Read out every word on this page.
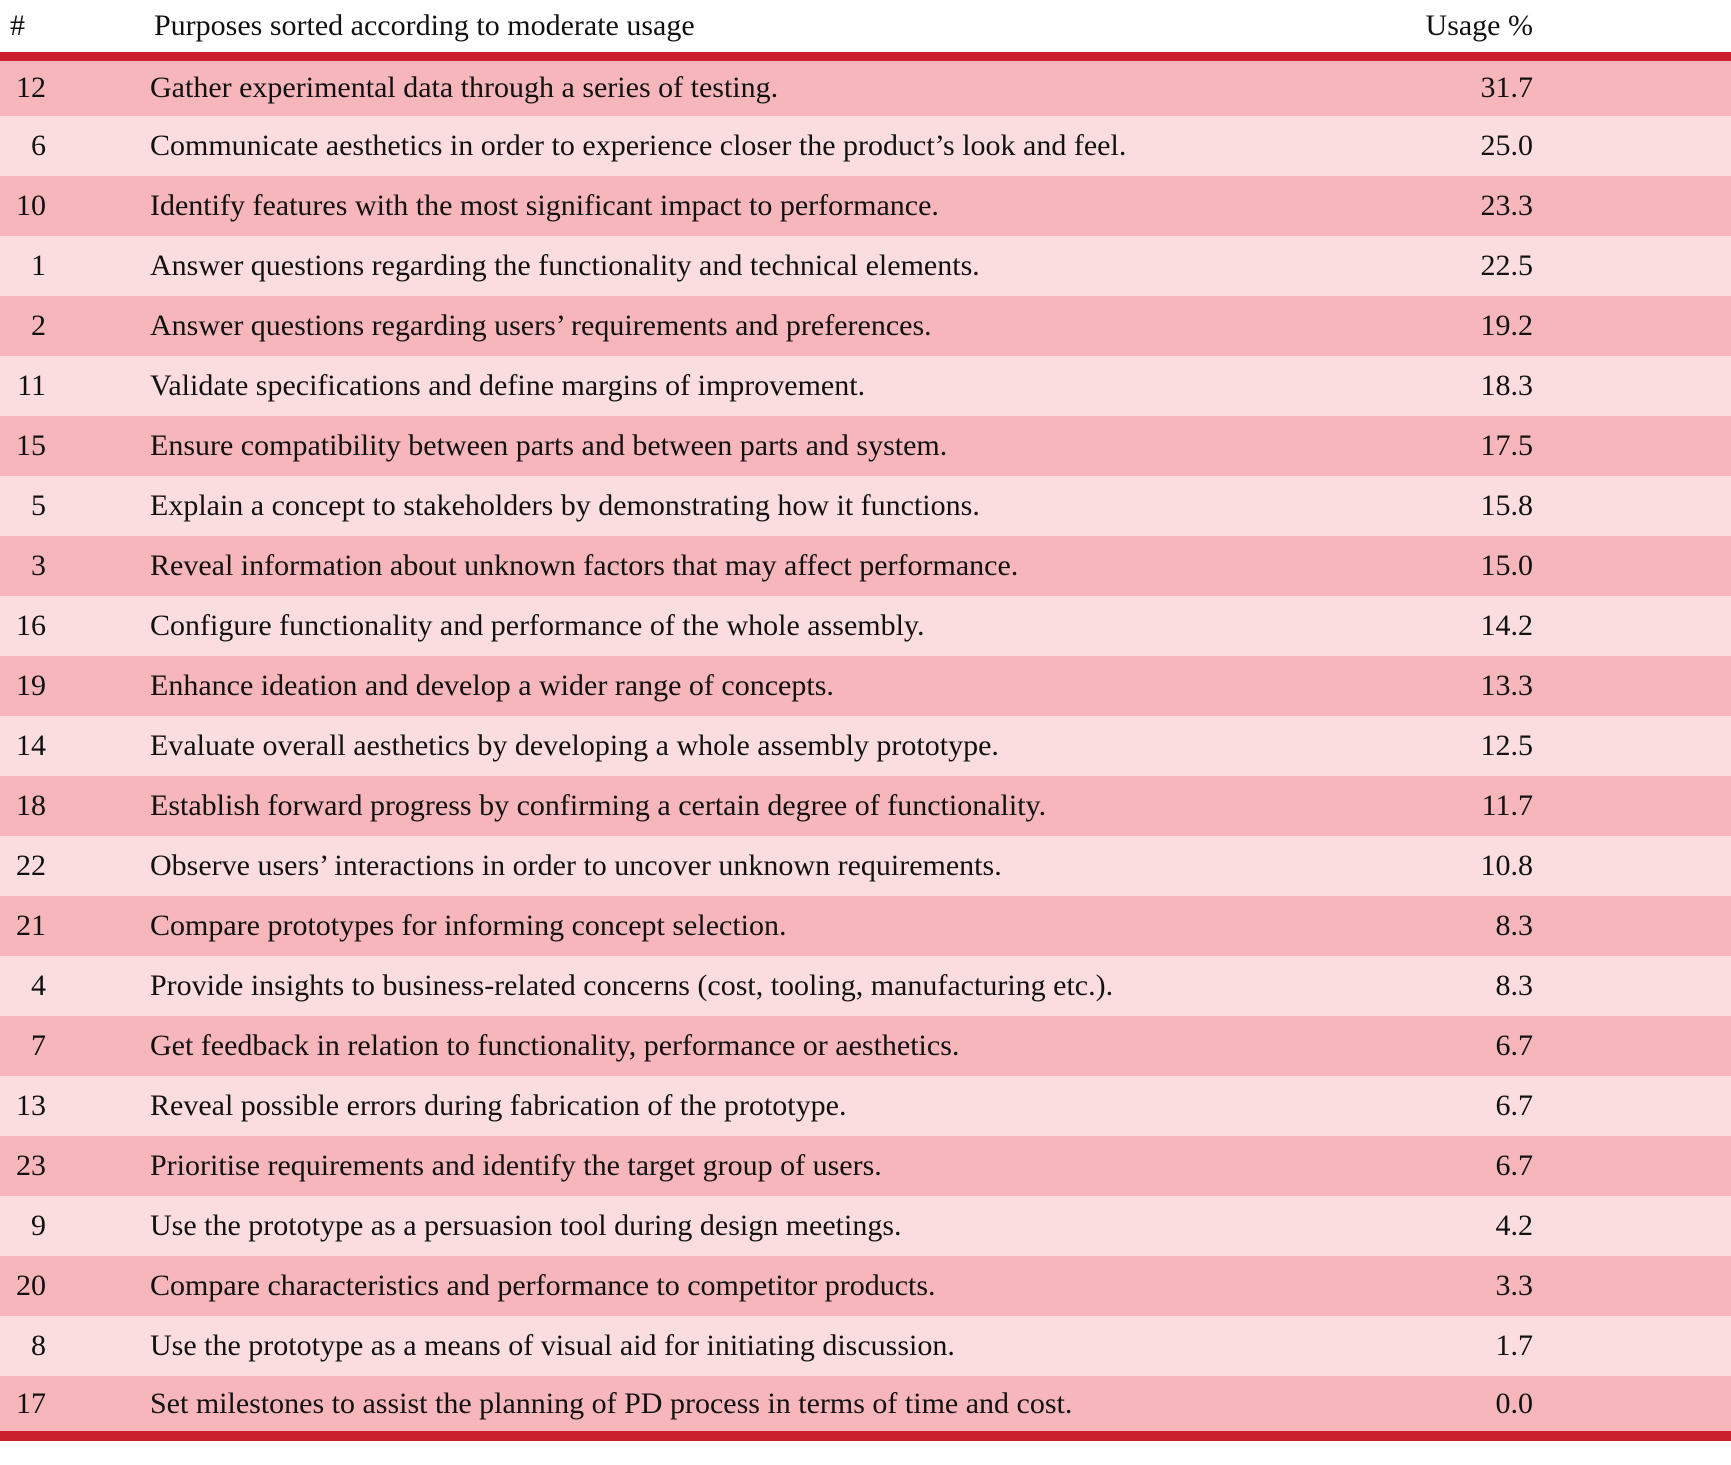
#	Purposes sorted according to moderate usage	Usage %
12	Gather experimental data through a series of testing.	31.7
6	Communicate aesthetics in order to experience closer the product’s look and feel.	25.0
10	Identify features with the most significant impact to performance.	23.3
1	Answer questions regarding the functionality and technical elements.	22.5
2	Answer questions regarding users’ requirements and preferences.	19.2
11	Validate specifications and define margins of improvement.	18.3
15	Ensure compatibility between parts and between parts and system.	17.5
5	Explain a concept to stakeholders by demonstrating how it functions.	15.8
3	Reveal information about unknown factors that may affect performance.	15.0
16	Configure functionality and performance of the whole assembly.	14.2
19	Enhance ideation and develop a wider range of concepts.	13.3
14	Evaluate overall aesthetics by developing a whole assembly prototype.	12.5
18	Establish forward progress by confirming a certain degree of functionality.	11.7
22	Observe users’ interactions in order to uncover unknown requirements.	10.8
21	Compare prototypes for informing concept selection.	8.3
4	Provide insights to business-related concerns (cost, tooling, manufacturing etc.).	8.3
7	Get feedback in relation to functionality, performance or aesthetics.	6.7
13	Reveal possible errors during fabrication of the prototype.	6.7
23	Prioritise requirements and identify the target group of users.	6.7
9	Use the prototype as a persuasion tool during design meetings.	4.2
20	Compare characteristics and performance to competitor products.	3.3
8	Use the prototype as a means of visual aid for initiating discussion.	1.7
17	Set milestones to assist the planning of PD process in terms of time and cost.	0.0
